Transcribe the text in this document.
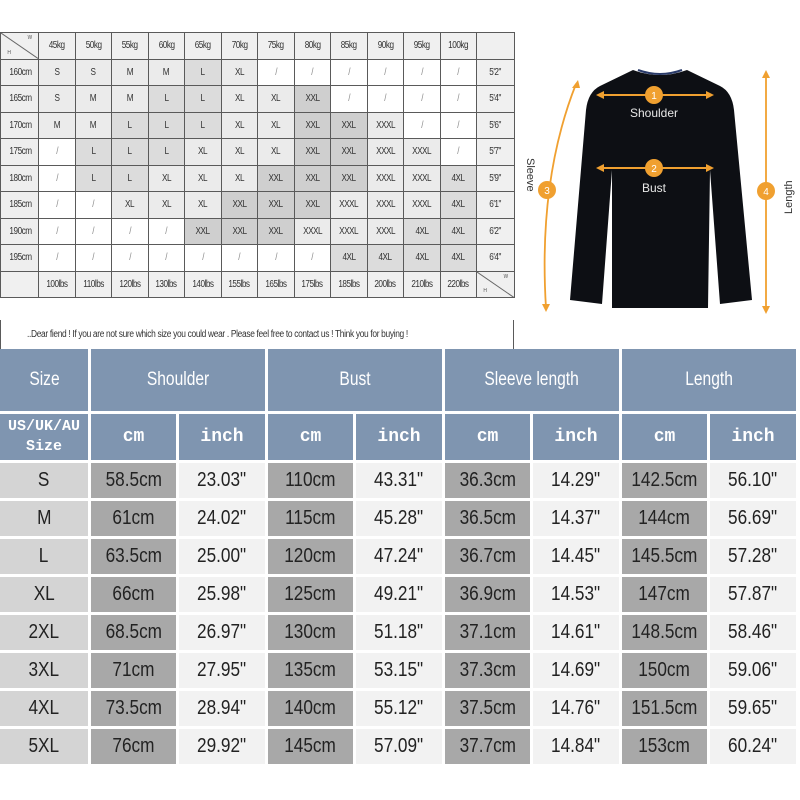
H
W	45kg	50kg	55kg	60kg	65kg	70kg	75kg	80kg	85kg	90kg	95kg	100kg	
160cm	S	S	M	M	L	XL	/	/	/	/	/	/	5'2"
165cm	S	M	M	L	L	XL	XL	XXL	/	/	/	/	5'4"
170cm	M	M	L	L	L	XL	XL	XXL	XXL	XXXL	/	/	5'6"
175cm	/	L	L	L	XL	XL	XL	XXL	XXL	XXXL	XXXL	/	5'7"
180cm	/	L	L	XL	XL	XL	XXL	XXL	XXL	XXXL	XXXL	4XL	5'9"
185cm	/	/	XL	XL	XL	XXL	XXL	XXL	XXXL	XXXL	XXXL	4XL	6'1"
190cm	/	/	/	/	XXL	XXL	XXL	XXXL	XXXL	XXXL	4XL	4XL	6'2"
195cm	/	/	/	/	/	/	/	/	4XL	4XL	4XL	4XL	6'4"
	100lbs	110lbs	120lbs	130lbs	140lbs	155lbs	165lbs	175lbs	185lbs	200lbs	210lbs	220lbs	H
W
..Dear fiend ! If you are not sure which size you could wear . Please feel free to contact us ! Think you for buying !
1
Shoulder
2
Bust
3
Sleeve
4 Length
Size	Shoulder		Bust		Sleeve length		Length	

US/UK/AU
Size	cm	inch	cm	inch	cm	inch	cm	inch
S	58.5cm	23.03"	110cm	43.31"	36.3cm	14.29"	142.5cm	56.10"
M	61cm	24.02"	115cm	45.28"	36.5cm	14.37"	144cm	56.69"
L	63.5cm	25.00"	120cm	47.24"	36.7cm	14.45"	145.5cm	57.28"
XL	66cm	25.98"	125cm	49.21"	36.9cm	14.53"	147cm	57.87"
2XL	68.5cm	26.97"	130cm	51.18"	37.1cm	14.61"	148.5cm	58.46"
3XL	71cm	27.95"	135cm	53.15"	37.3cm	14.69"	150cm	59.06"
4XL	73.5cm	28.94"	140cm	55.12"	37.5cm	14.76"	151.5cm	59.65"
5XL	76cm	29.92"	145cm	57.09"	37.7cm	14.84"	153cm	60.24"
